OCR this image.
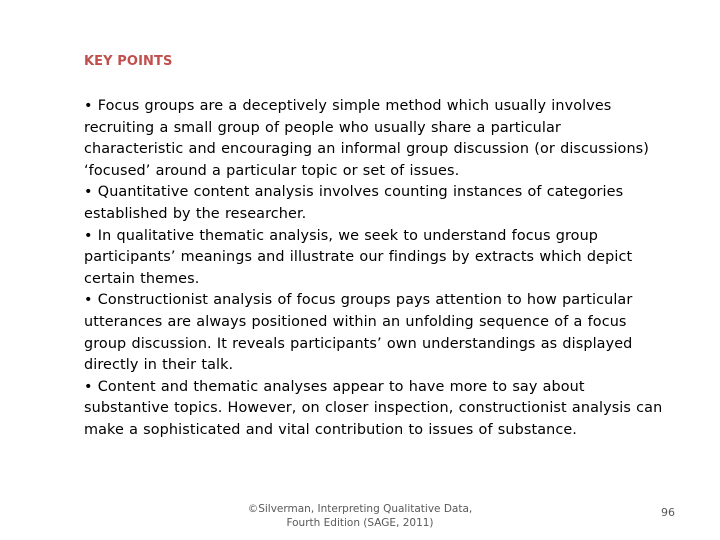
KEY POINTS

• Focus groups are a deceptively simple method which usually involves recruiting a small group of people who usually share a particular characteristic and encouraging an informal group discussion (or discussions) ‘focused’ around a particular topic or set of issues.

• Quantitative content analysis involves counting instances of categories established by the researcher.

• In qualitative thematic analysis, we seek to understand focus group participants’ meanings and illustrate our findings by extracts which depict certain themes.

• Constructionist analysis of focus groups pays attention to how particular utterances are always positioned within an unfolding sequence of a focus group discussion. It reveals participants’ own understandings as displayed directly in their talk.

• Content and thematic analyses appear to have more to say about substantive topics. However, on closer inspection, constructionist analysis can make a sophisticated and vital contribution to issues of substance.

©Silverman, Interpreting Qualitative Data,
Fourth Edition (SAGE, 2011)
96
